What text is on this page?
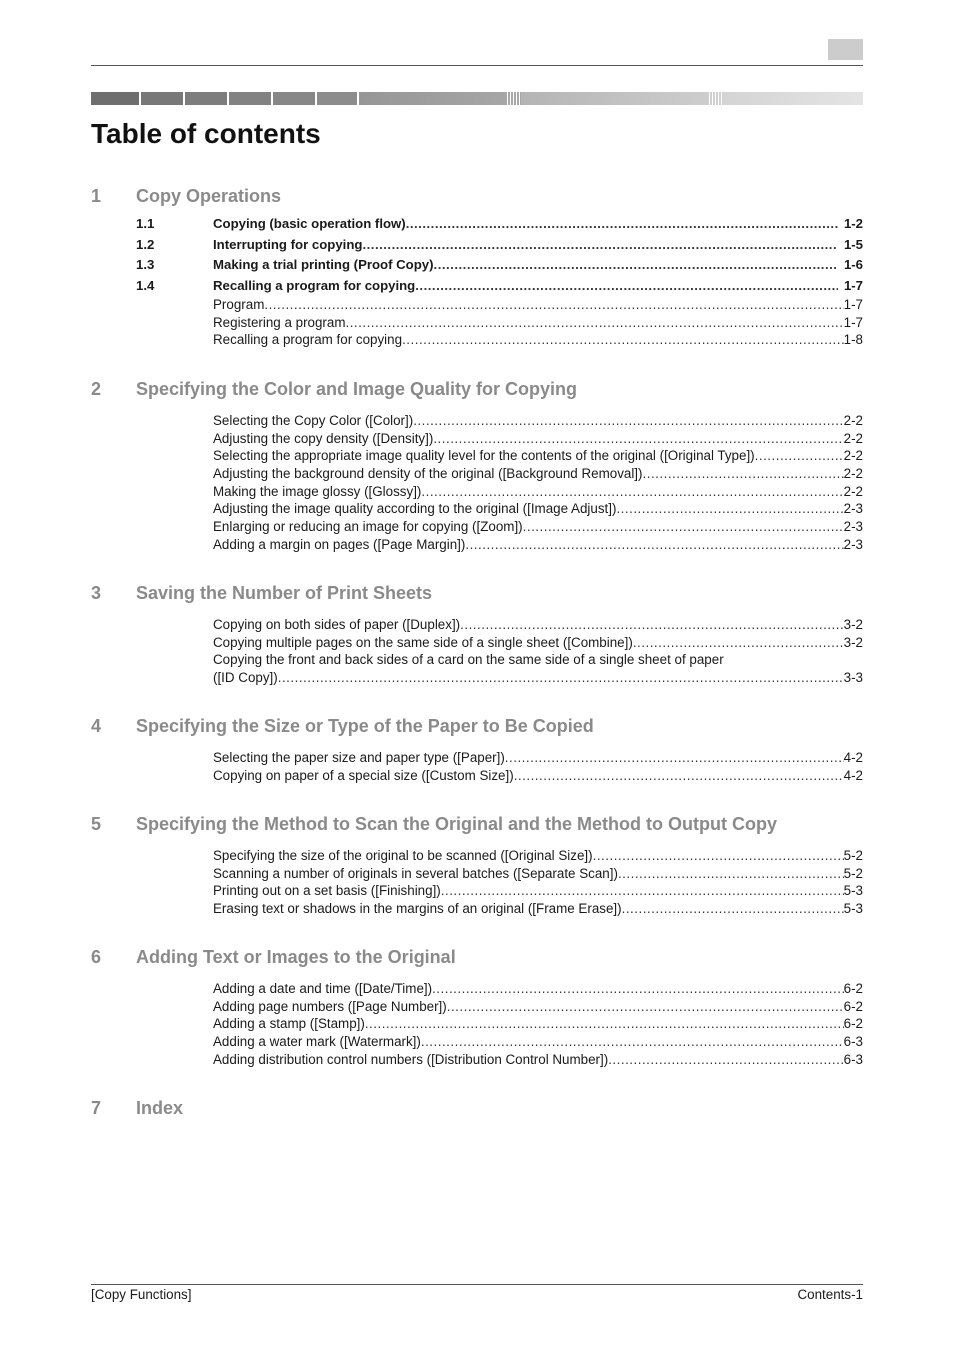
Table of contents
1 Copy Operations
1.1	Copying (basic operation flow) .....	1-2
1.2	Interrupting for copying .....	1-5
1.3	Making a trial printing (Proof Copy) .....	1-6
1.4	Recalling a program for copying .....	1-7
Program .....	1-7
Registering a program .....	1-7
Recalling a program for copying .....	1-8
2 Specifying the Color and Image Quality for Copying
Selecting the Copy Color ([Color]) .....	2-2
Adjusting the copy density ([Density]) .....	2-2
Selecting the appropriate image quality level for the contents of the original ([Original Type]) .....	2-2
Adjusting the background density of the original ([Background Removal]) .....	2-2
Making the image glossy ([Glossy]) .....	2-2
Adjusting the image quality according to the original ([Image Adjust]) .....	2-3
Enlarging or reducing an image for copying ([Zoom]) .....	2-3
Adding a margin on pages ([Page Margin]) .....	2-3
3 Saving the Number of Print Sheets
Copying on both sides of paper ([Duplex]) .....	3-2
Copying multiple pages on the same side of a single sheet ([Combine]) .....	3-2
Copying the front and back sides of a card on the same side of a single sheet of paper
([ID Copy]) .....	3-3
4 Specifying the Size or Type of the Paper to Be Copied
Selecting the paper size and paper type ([Paper]) .....	4-2
Copying on paper of a special size ([Custom Size]) .....	4-2
5 Specifying the Method to Scan the Original and the Method to Output Copy
Specifying the size of the original to be scanned ([Original Size]) .....	5-2
Scanning a number of originals in several batches ([Separate Scan]) .....	5-2
Printing out on a set basis ([Finishing]) .....	5-3
Erasing text or shadows in the margins of an original ([Frame Erase]) .....	5-3
6 Adding Text or Images to the Original
Adding a date and time ([Date/Time]) .....	6-2
Adding page numbers ([Page Number]) .....	6-2
Adding a stamp ([Stamp]) .....	6-2
Adding a water mark ([Watermark]) .....	6-3
Adding distribution control numbers ([Distribution Control Number]) .....	6-3
7 Index
[Copy Functions]	Contents-1
